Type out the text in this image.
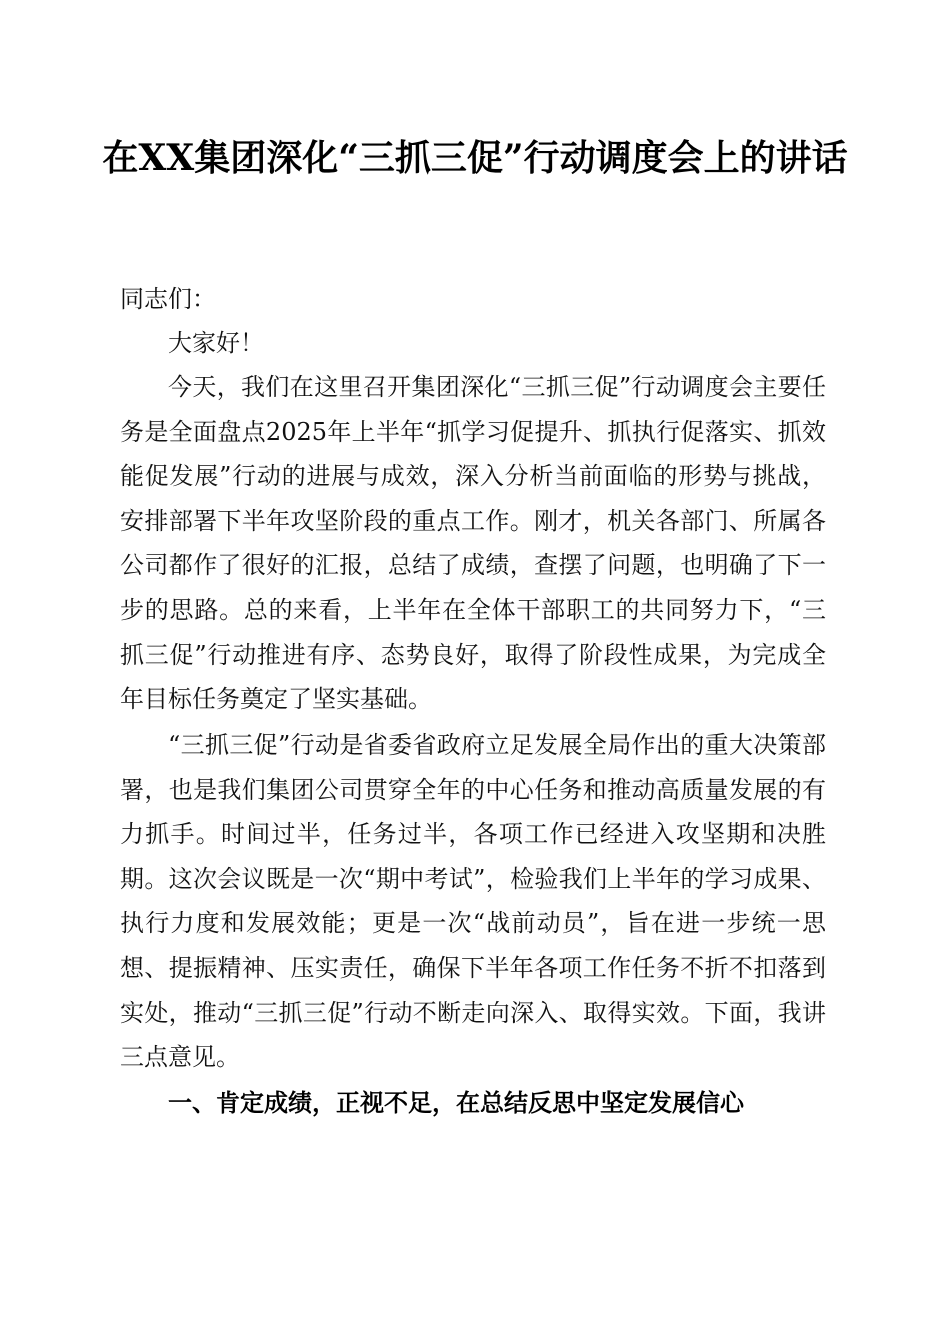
在XX集团深化“三抓三促”行动调度会上的讲话

同志们：

大家好！

今天，我们在这里召开集团深化“三抓三促”行动调度会主要任务是全面盘点2025年上半年“抓学习促提升、抓执行促落实、抓效能促发展”行动的进展与成效，深入分析当前面临的形势与挑战，安排部署下半年攻坚阶段的重点工作。刚才，机关各部门、所属各公司都作了很好的汇报，总结了成绩，查摆了问题，也明确了下一步的思路。总的来看，上半年在全体干部职工的共同努力下，“三抓三促”行动推进有序、态势良好，取得了阶段性成果，为完成全年目标任务奠定了坚实基础。

“三抓三促”行动是省委省政府立足发展全局作出的重大决策部署，也是我们集团公司贯穿全年的中心任务和推动高质量发展的有力抓手。时间过半，任务过半，各项工作已经进入攻坚期和决胜期。这次会议既是一次“期中考试”，检验我们上半年的学习成果、执行力度和发展效能；更是一次“战前动员”，旨在进一步统一思想、提振精神、压实责任，确保下半年各项工作任务不折不扣落到实处，推动“三抓三促”行动不断走向深入、取得实效。下面，我讲三点意见。

一、肯定成绩，正视不足，在总结反思中坚定发展信心
